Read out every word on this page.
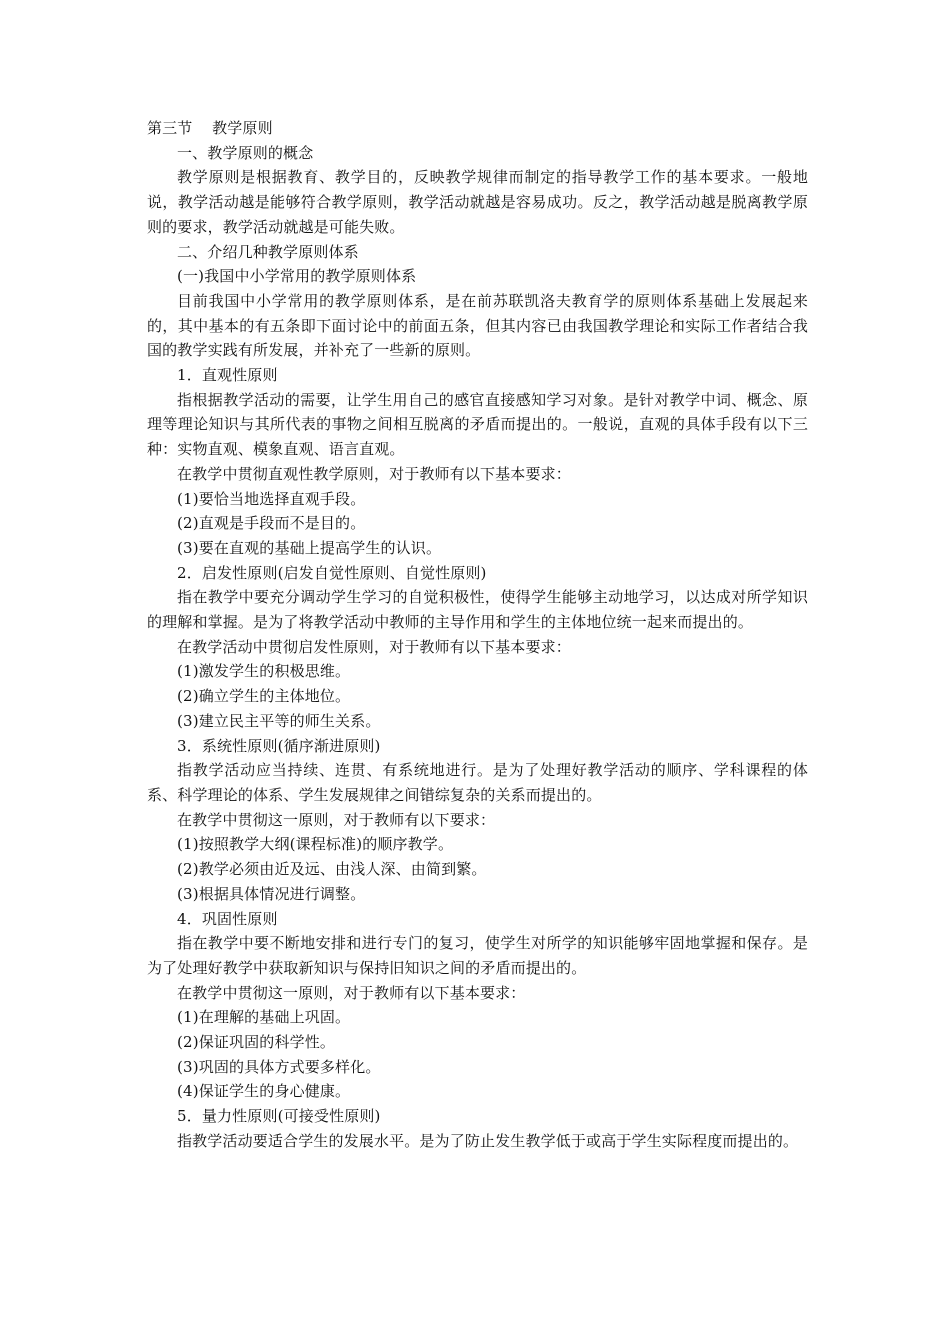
第三节    教学原则

一、教学原则的概念

教学原则是根据教育、教学目的，反映教学规律而制定的指导教学工作的基本要求。一般地说，教学活动越是能够符合教学原则，教学活动就越是容易成功。反之，教学活动越是脱离教学原则的要求，教学活动就越是可能失败。

二、介绍几种教学原则体系

(一)我国中小学常用的教学原则体系

目前我国中小学常用的教学原则体系，是在前苏联凯洛夫教育学的原则体系基础上发展起来的，其中基本的有五条即下面讨论中的前面五条，但其内容已由我国教学理论和实际工作者结合我国的教学实践有所发展，并补充了一些新的原则。

1．直观性原则

指根据教学活动的需要，让学生用自己的感官直接感知学习对象。是针对教学中词、概念、原理等理论知识与其所代表的事物之间相互脱离的矛盾而提出的。一般说，直观的具体手段有以下三种：实物直观、模象直观、语言直观。

在教学中贯彻直观性教学原则，对于教师有以下基本要求：

(1)要恰当地选择直观手段。

(2)直观是手段而不是目的。

(3)要在直观的基础上提高学生的认识。

2．启发性原则(启发自觉性原则、自觉性原则)

指在教学中要充分调动学生学习的自觉积极性，使得学生能够主动地学习，以达成对所学知识的理解和掌握。是为了将教学活动中教师的主导作用和学生的主体地位统一起来而提出的。

在教学活动中贯彻启发性原则，对于教师有以下基本要求：

(1)激发学生的积极思维。

(2)确立学生的主体地位。

(3)建立民主平等的师生关系。

3．系统性原则(循序渐进原则)

指教学活动应当持续、连贯、有系统地进行。是为了处理好教学活动的顺序、学科课程的体系、科学理论的体系、学生发展规律之间错综复杂的关系而提出的。

在教学中贯彻这一原则，对于教师有以下要求：

(1)按照教学大纲(课程标准)的顺序教学。

(2)教学必须由近及远、由浅人深、由简到繁。

(3)根据具体情况进行调整。

4．巩固性原则

指在教学中要不断地安排和进行专门的复习，使学生对所学的知识能够牢固地掌握和保存。是为了处理好教学中获取新知识与保持旧知识之间的矛盾而提出的。

在教学中贯彻这一原则，对于教师有以下基本要求：

(1)在理解的基础上巩固。

(2)保证巩固的科学性。

(3)巩固的具体方式要多样化。

(4)保证学生的身心健康。

5．量力性原则(可接受性原则)

指教学活动要适合学生的发展水平。是为了防止发生教学低于或高于学生实际程度而提出的。
